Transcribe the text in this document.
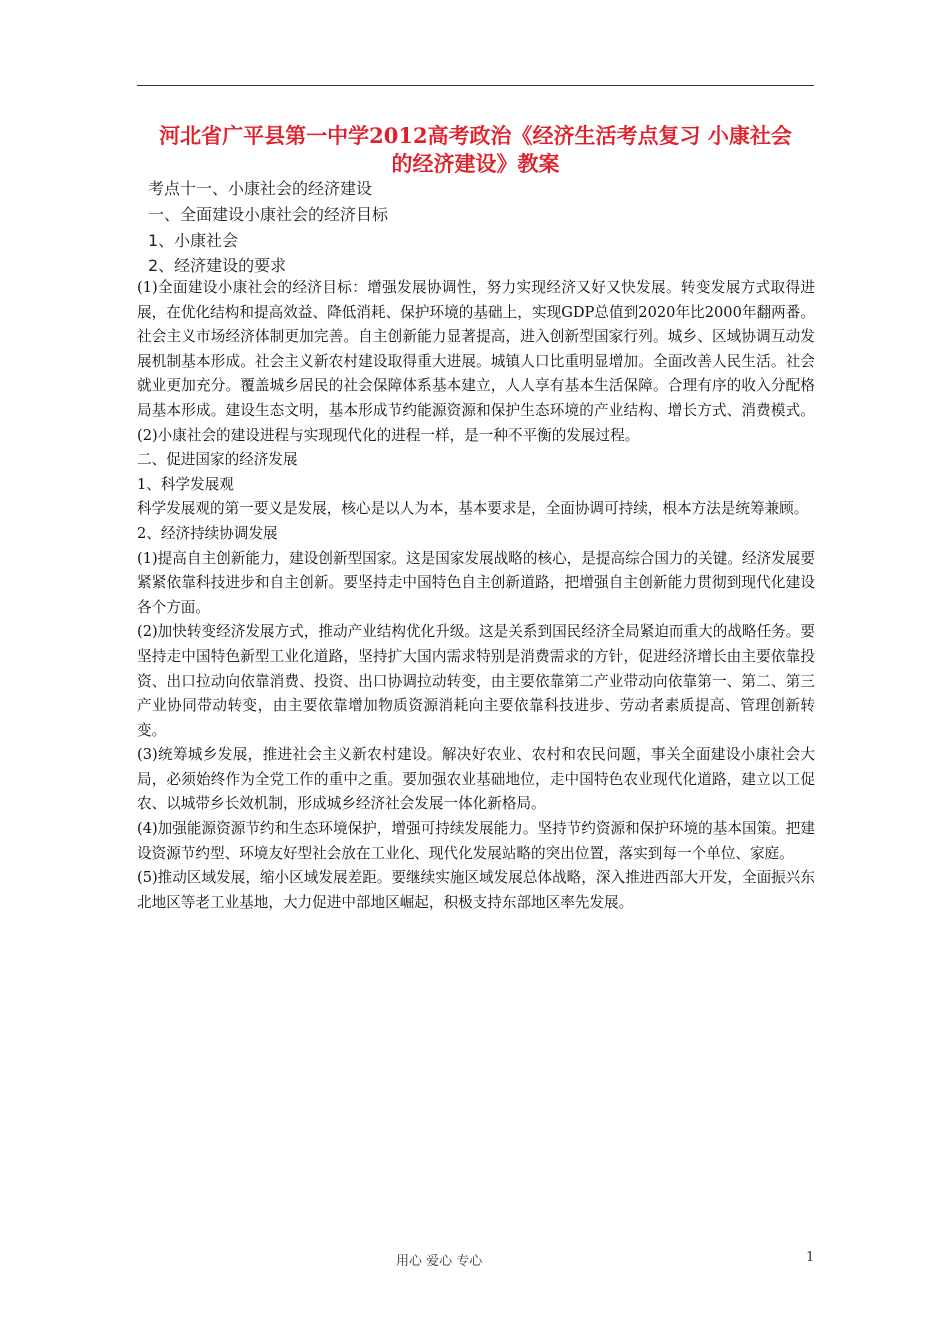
河北省广平县第一中学2012高考政治《经济生活考点复习 小康社会
的经济建设》教案
考点十一、小康社会的经济建设
一、全面建设小康社会的经济目标
1、小康社会
2、经济建设的要求

(1)全面建设小康社会的经济目标：增强发展协调性，努力实现经济又好又快发展。转变发展方式取得进展，在优化结构和提高效益、降低消耗、保护环境的基础上，实现GDP总值到2020年比2000年翻两番。社会主义市场经济体制更加完善。自主创新能力显著提高，进入创新型国家行列。城乡、区域协调互动发展机制基本形成。社会主义新农村建设取得重大进展。城镇人口比重明显增加。全面改善人民生活。社会就业更加充分。覆盖城乡居民的社会保障体系基本建立，人人享有基本生活保障。合理有序的收入分配格局基本形成。建设生态文明，基本形成节约能源资源和保护生态环境的产业结构、增长方式、消费模式。(2)小康社会的建设进程与实现现代化的进程一样，是一种不平衡的发展过程。

二、促进国家的经济发展

1、科学发展观

科学发展观的第一要义是发展，核心是以人为本，基本要求是，全面协调可持续，根本方法是统筹兼顾。

2、经济持续协调发展

(1)提高自主创新能力，建设创新型国家。这是国家发展战略的核心，是提高综合国力的关键。经济发展要紧紧依靠科技进步和自主创新。要坚持走中国特色自主创新道路，把增强自主创新能力贯彻到现代化建设各个方面。

(2)加快转变经济发展方式，推动产业结构优化升级。这是关系到国民经济全局紧迫而重大的战略任务。要坚持走中国特色新型工业化道路，坚持扩大国内需求特别是消费需求的方针，促进经济增长由主要依靠投资、出口拉动向依靠消费、投资、出口协调拉动转变，由主要依靠第二产业带动向依靠第一、第二、第三产业协同带动转变，由主要依靠增加物质资源消耗向主要依靠科技进步、劳动者素质提高、管理创新转变。

(3)统筹城乡发展，推进社会主义新农村建设。解决好农业、农村和农民问题，事关全面建设小康社会大局，必须始终作为全党工作的重中之重。要加强农业基础地位，走中国特色农业现代化道路，建立以工促农、以城带乡长效机制，形成城乡经济社会发展一体化新格局。

(4)加强能源资源节约和生态环境保护，增强可持续发展能力。坚持节约资源和保护环境的基本国策。把建设资源节约型、环境友好型社会放在工业化、现代化发展站略的突出位置，落实到每一个单位、家庭。

(5)推动区域发展，缩小区域发展差距。要继续实施区域发展总体战略，深入推进西部大开发，全面振兴东北地区等老工业基地，大力促进中部地区崛起，积极支持东部地区率先发展。

用心 爱心 专心	1
